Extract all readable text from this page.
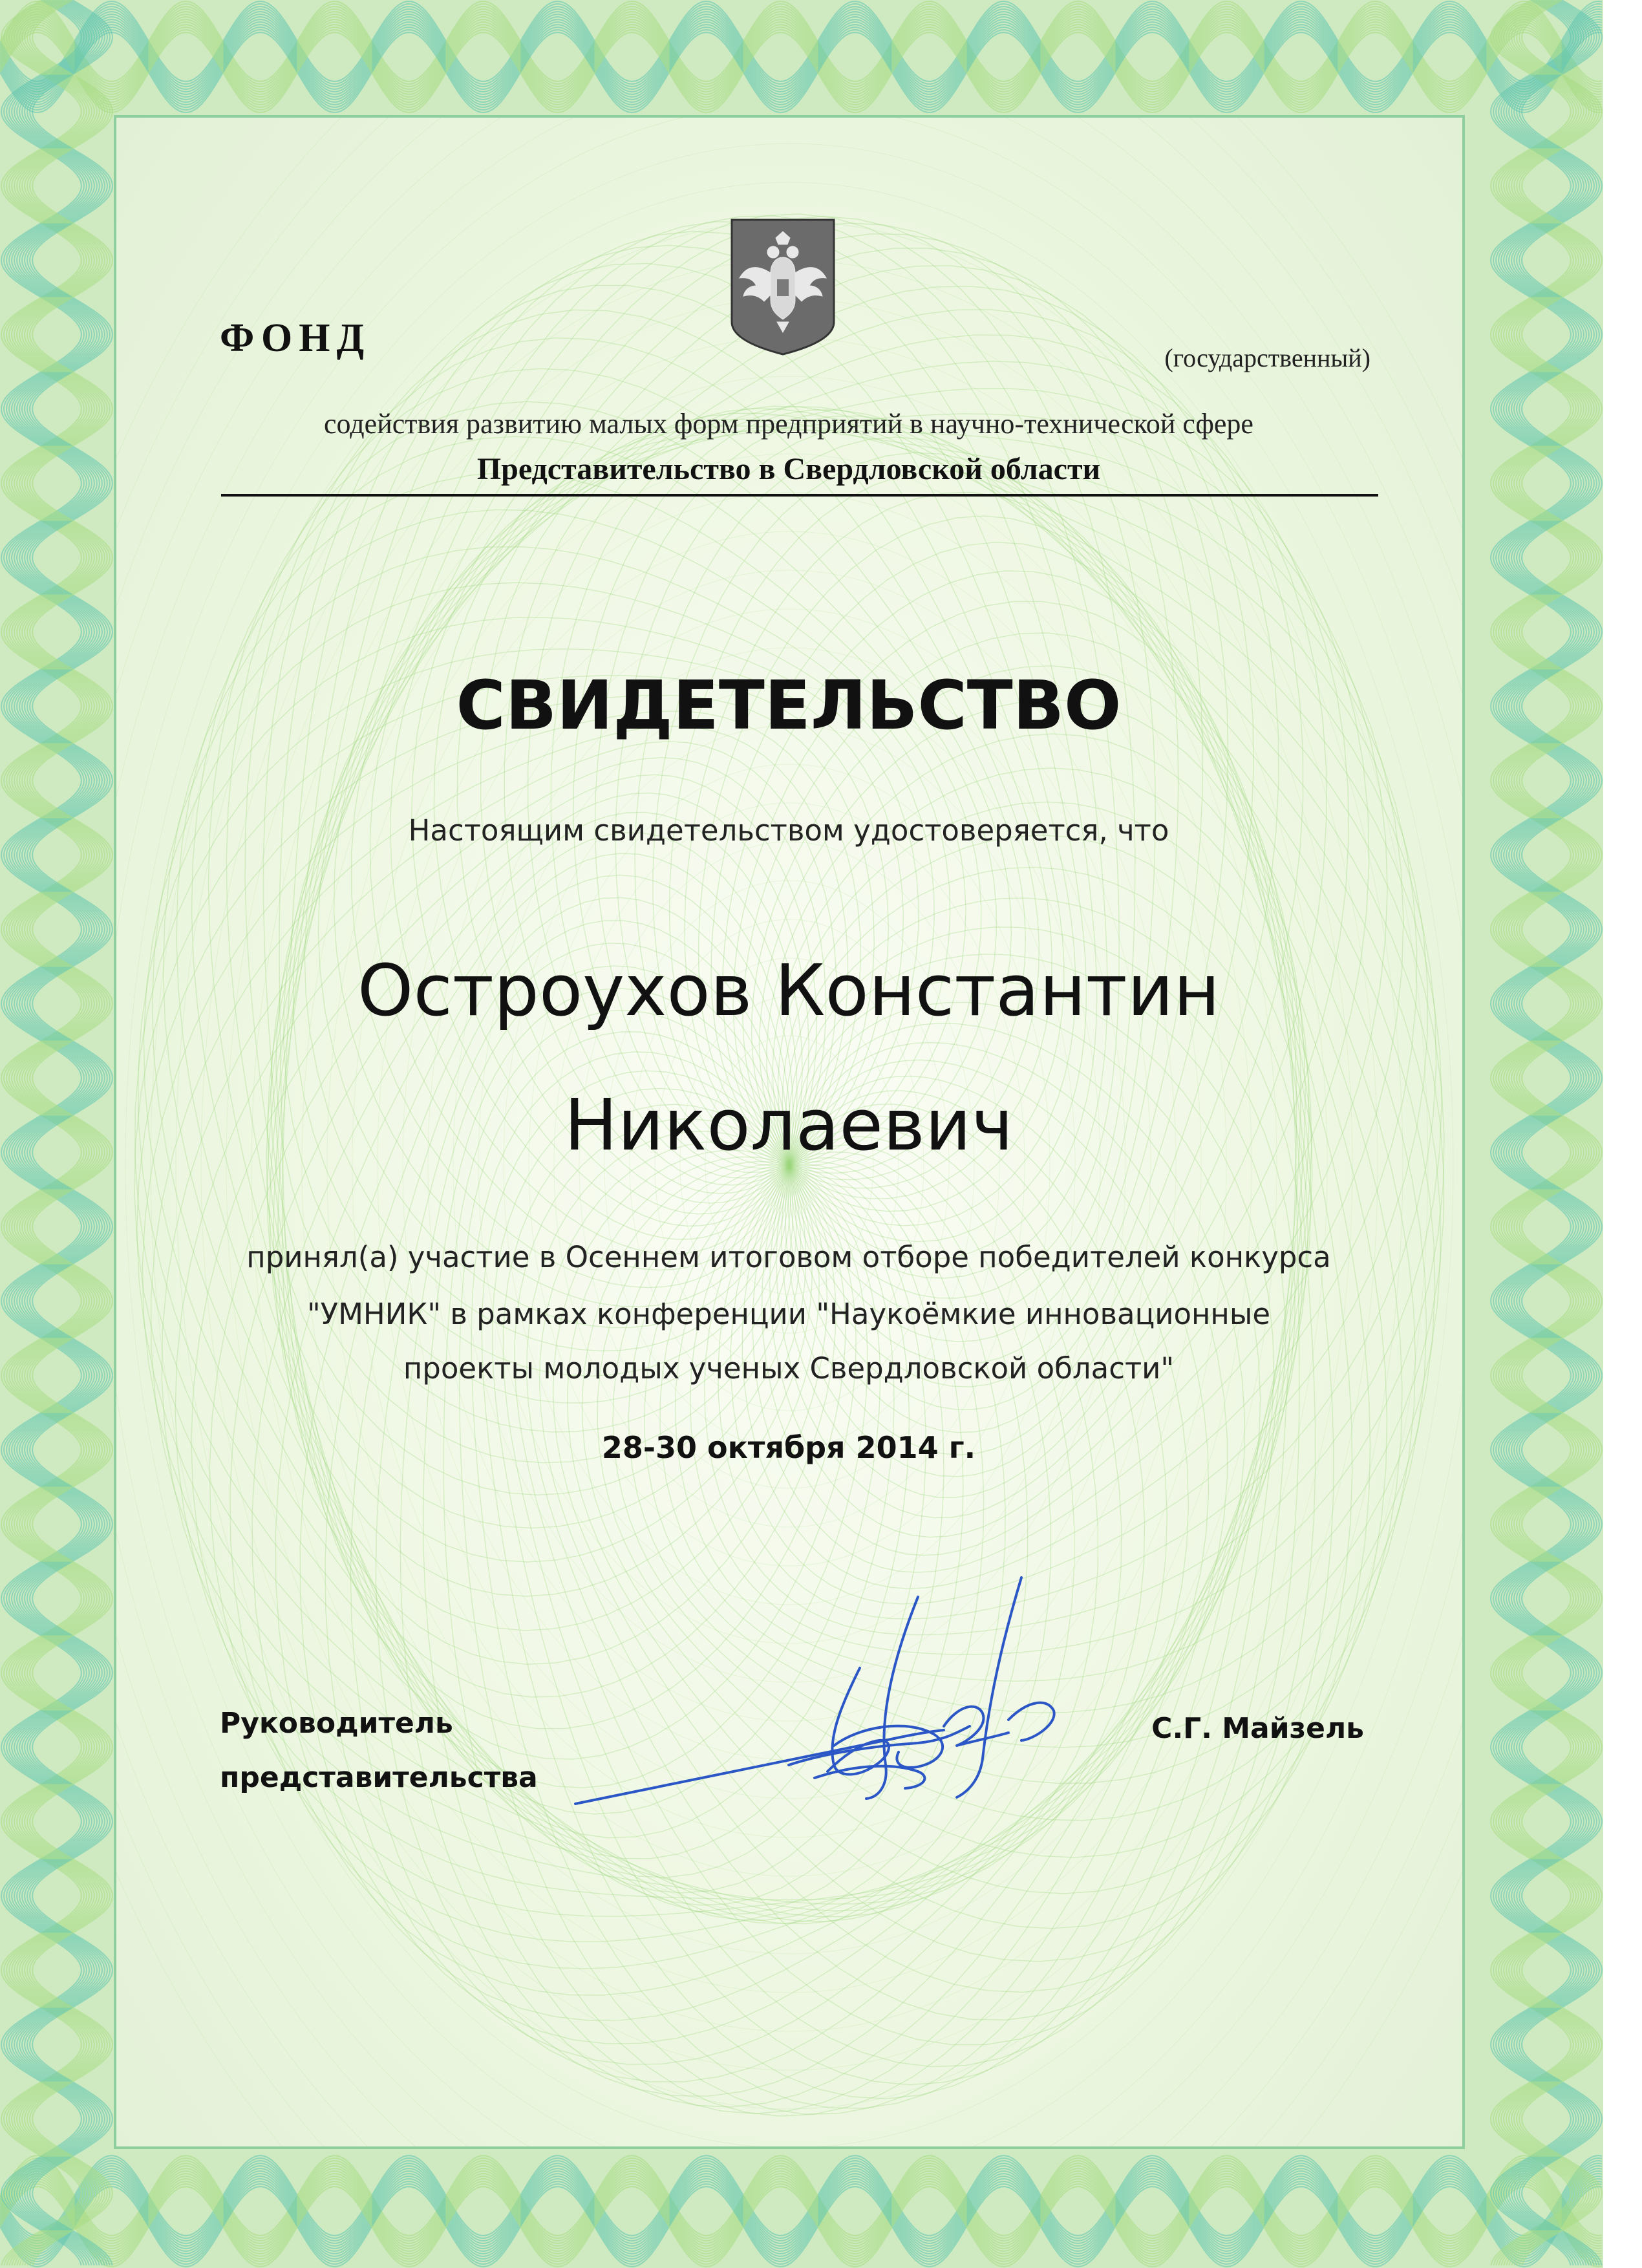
ФОНД	(государственный)
содействия развитию малых форм предприятий в научно-технической сфере
Представительство в Свердловской области
СВИДЕТЕЛЬСТВО
Настоящим свидетельством удостоверяется, что
Остроухов Константин
Николаевич
принял(а) участие в Осеннем итоговом отборе победителей конкурса
"УМНИК" в рамках конференции "Наукоёмкие инновационные
проекты молодых ученых Свердловской области"
28-30 октября 2014 г.
Руководитель
представительства
С.Г. Майзель
